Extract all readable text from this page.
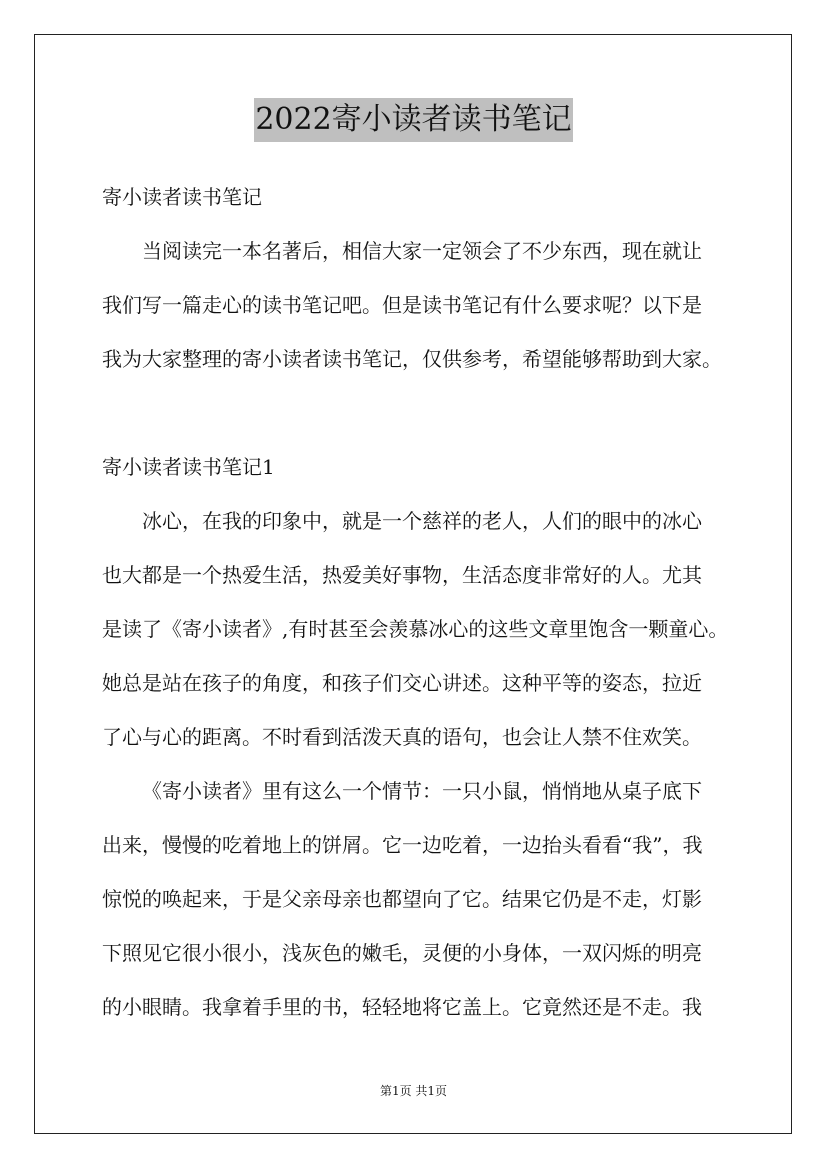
2022寄小读者读书笔记
寄小读者读书笔记
当阅读完一本名著后，相信大家一定领会了不少东西，现在就让
我们写一篇走心的读书笔记吧。但是读书笔记有什么要求呢？以下是
我为大家整理的寄小读者读书笔记，仅供参考，希望能够帮助到大家。
寄小读者读书笔记1
冰心，在我的印象中，就是一个慈祥的老人，人们的眼中的冰心
也大都是一个热爱生活，热爱美好事物，生活态度非常好的人。尤其
是读了《寄小读者》,有时甚至会羡慕冰心的这些文章里饱含一颗童心。
她总是站在孩子的角度，和孩子们交心讲述。这种平等的姿态，拉近
了心与心的距离。不时看到活泼天真的语句，也会让人禁不住欢笑。
《寄小读者》里有这么一个情节：一只小鼠，悄悄地从桌子底下
出来，慢慢的吃着地上的饼屑。它一边吃着，一边抬头看看“我”，我
惊悦的唤起来，于是父亲母亲也都望向了它。结果它仍是不走，灯影
下照见它很小很小，浅灰色的嫩毛，灵便的小身体，一双闪烁的明亮
的小眼睛。我拿着手里的书，轻轻地将它盖上。它竟然还是不走。我
第1页 共1页
